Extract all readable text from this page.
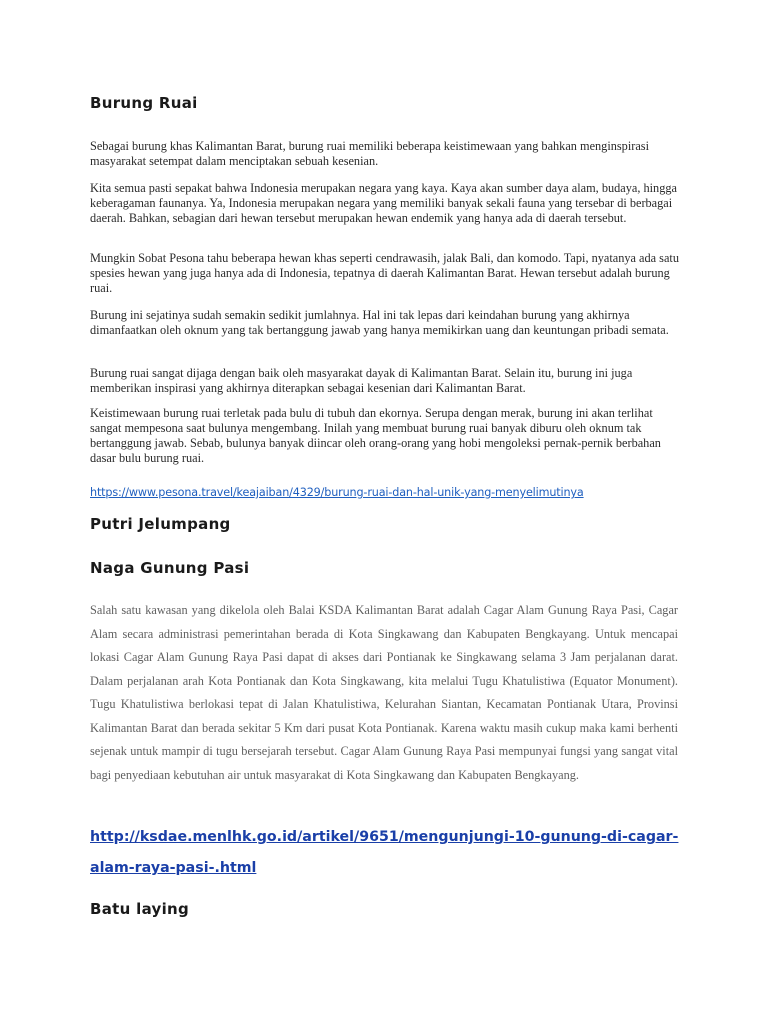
Burung Ruai

Sebagai burung khas Kalimantan Barat, burung ruai memiliki beberapa keistimewaan yang bahkan menginspirasi masyarakat setempat dalam menciptakan sebuah kesenian.

Kita semua pasti sepakat bahwa Indonesia merupakan negara yang kaya. Kaya akan sumber daya alam, budaya, hingga keberagaman faunanya. Ya, Indonesia merupakan negara yang memiliki banyak sekali fauna yang tersebar di berbagai daerah. Bahkan, sebagian dari hewan tersebut merupakan hewan endemik yang hanya ada di daerah tersebut.

Mungkin Sobat Pesona tahu beberapa hewan khas seperti cendrawasih, jalak Bali, dan komodo. Tapi, nyatanya ada satu spesies hewan yang juga hanya ada di Indonesia, tepatnya di daerah Kalimantan Barat. Hewan tersebut adalah burung ruai.

Burung ini sejatinya sudah semakin sedikit jumlahnya. Hal ini tak lepas dari keindahan burung yang akhirnya dimanfaatkan oleh oknum yang tak bertanggung jawab yang hanya memikirkan uang dan keuntungan pribadi semata.

Burung ruai sangat dijaga dengan baik oleh masyarakat dayak di Kalimantan Barat. Selain itu, burung ini juga memberikan inspirasi yang akhirnya diterapkan sebagai kesenian dari Kalimantan Barat.

Keistimewaan burung ruai terletak pada bulu di tubuh dan ekornya. Serupa dengan merak, burung ini akan terlihat sangat mempesona saat bulunya mengembang. Inilah yang membuat burung ruai banyak diburu oleh oknum tak bertanggung jawab. Sebab, bulunya banyak diincar oleh orang-orang yang hobi mengoleksi pernak-pernik berbahan dasar bulu burung ruai.

https://www.pesona.travel/keajaiban/4329/burung-ruai-dan-hal-unik-yang-menyelimutinya
Putri Jelumpang
Naga Gunung Pasi

Salah satu kawasan yang dikelola oleh Balai KSDA Kalimantan Barat adalah Cagar Alam Gunung Raya Pasi, Cagar Alam secara administrasi pemerintahan berada di Kota Singkawang dan Kabupaten Bengkayang. Untuk mencapai lokasi Cagar Alam Gunung Raya Pasi dapat di akses dari Pontianak ke Singkawang selama 3 Jam perjalanan darat. Dalam perjalanan arah Kota Pontianak dan Kota Singkawang, kita melalui Tugu Khatulistiwa (Equator Monument). Tugu Khatulistiwa berlokasi tepat di Jalan Khatulistiwa, Kelurahan Siantan, Kecamatan Pontianak Utara, Provinsi Kalimantan Barat dan berada sekitar 5 Km dari pusat Kota Pontianak. Karena waktu masih cukup maka kami berhenti sejenak untuk mampir di tugu bersejarah tersebut. Cagar Alam Gunung Raya Pasi mempunyai fungsi yang sangat vital bagi penyediaan kebutuhan air untuk masyarakat di Kota Singkawang dan Kabupaten Bengkayang.

http://ksdae.menlhk.go.id/artikel/9651/mengunjungi-10-gunung-di-cagar-alam-raya-pasi-.html
Batu laying
